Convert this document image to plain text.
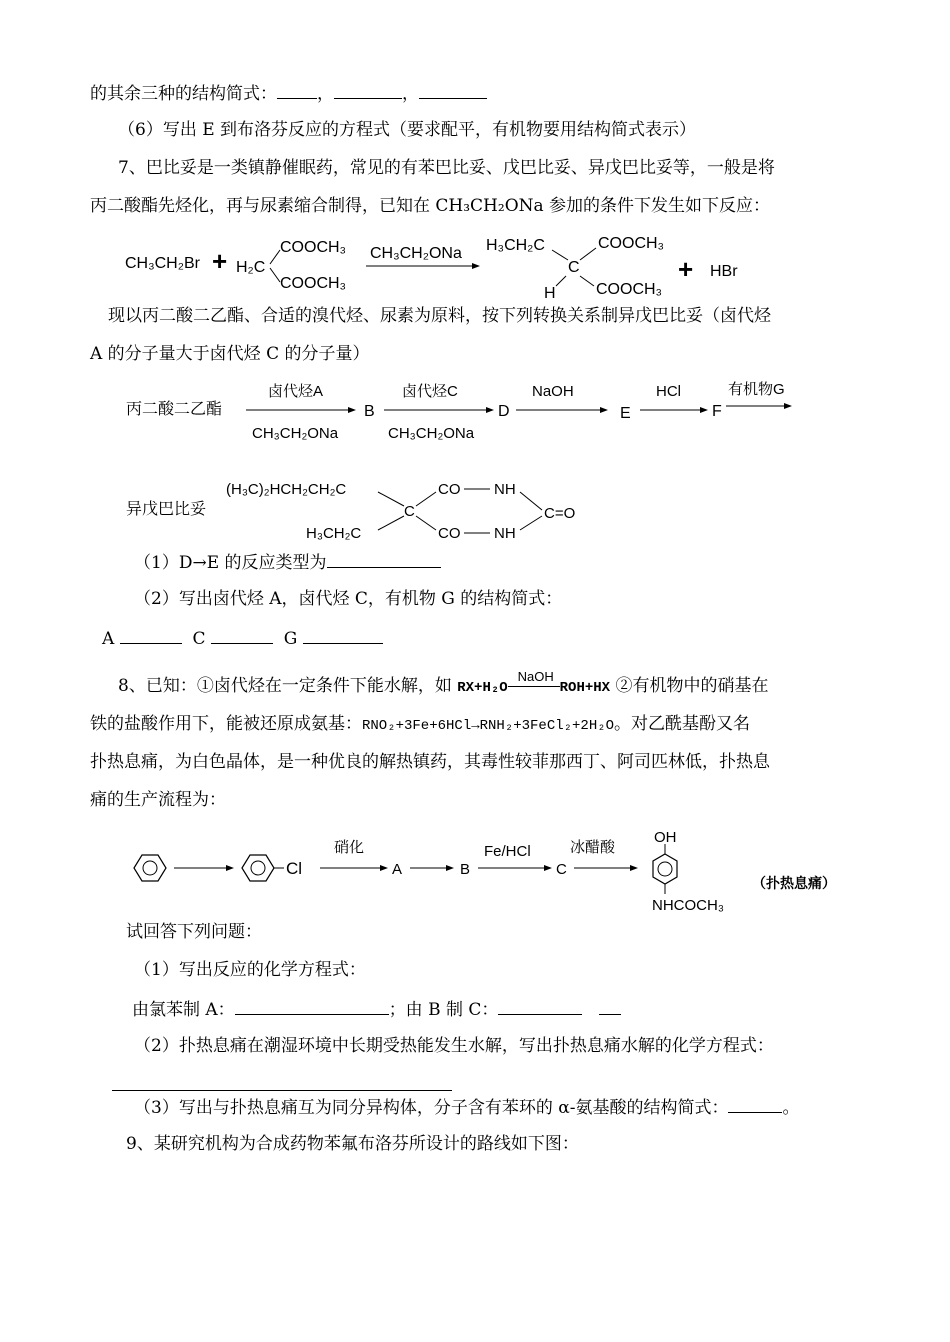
的其余三种的结构简式： ，	，
（6）写出 E 到布洛芬反应的方程式（要求配平，有机物要用结构简式表示）
7、巴比妥是一类镇静催眠药，常见的有苯巴比妥、戊巴比妥、异戊巴比妥等，一般是将
丙二酸酯先烃化，再与尿素缩合制得，已知在 CH₃CH₂ONa 参加的条件下发生如下反应：
CH₃CH₂Br + H₂C
COOCH₃
COOCH₃
CH₃CH₂ONa H₃CH₂C
C
COOCH₃
H	COOCH₃
+ HBr
现以丙二酸二乙酯、合适的溴代烃、尿素为原料，按下列转换关系制异戊巴比妥（卤代烃
A 的分子量大于卤代烃 C 的分子量）
丙二酸二乙酯
卤代烃A
CH₃CH₂ONa
B
卤代烃C
CH₃CH₂ONa
D
NaOH
E
HCl
F
有机物G
异戊巴比妥
(H₃C)₂HCH₂CH₂C
H₃CH₂C
C
CO
CO
NH
NH
C=O
（1）D→E 的反应类型为
（2）写出卤代烃 A，卤代烃 C，有机物 G 的结构简式：
A	C	G
8、已知：①卤代烃在一定条件下能水解，如 RX+H₂O
NaOH
ROH+HX ②有机物中的硝基在
铁的盐酸作用下，能被还原成氨基：RNO₂+3Fe+6HCl→RNH₂+3FeCl₂+2H₂O。对乙酰基酚又名
扑热息痛，为白色晶体，是一种优良的解热镇药，其毒性较菲那西丁、阿司匹林低，扑热息
痛的生产流程为：
Cl
硝化
A	B
Fe/HCl
C
冰醋酸
OH
NHCOCH₃
（扑热息痛）
试回答下列问题：
（1）写出反应的化学方程式：
由氯苯制 A：	；由 B 制 C：
（2）扑热息痛在潮湿环境中长期受热能发生水解，写出扑热息痛水解的化学方程式：
（3）写出与扑热息痛互为同分异构体，分子含有苯环的 α-氨基酸的结构简式：	。
9、某研究机构为合成药物苯氟布洛芬所设计的路线如下图：
